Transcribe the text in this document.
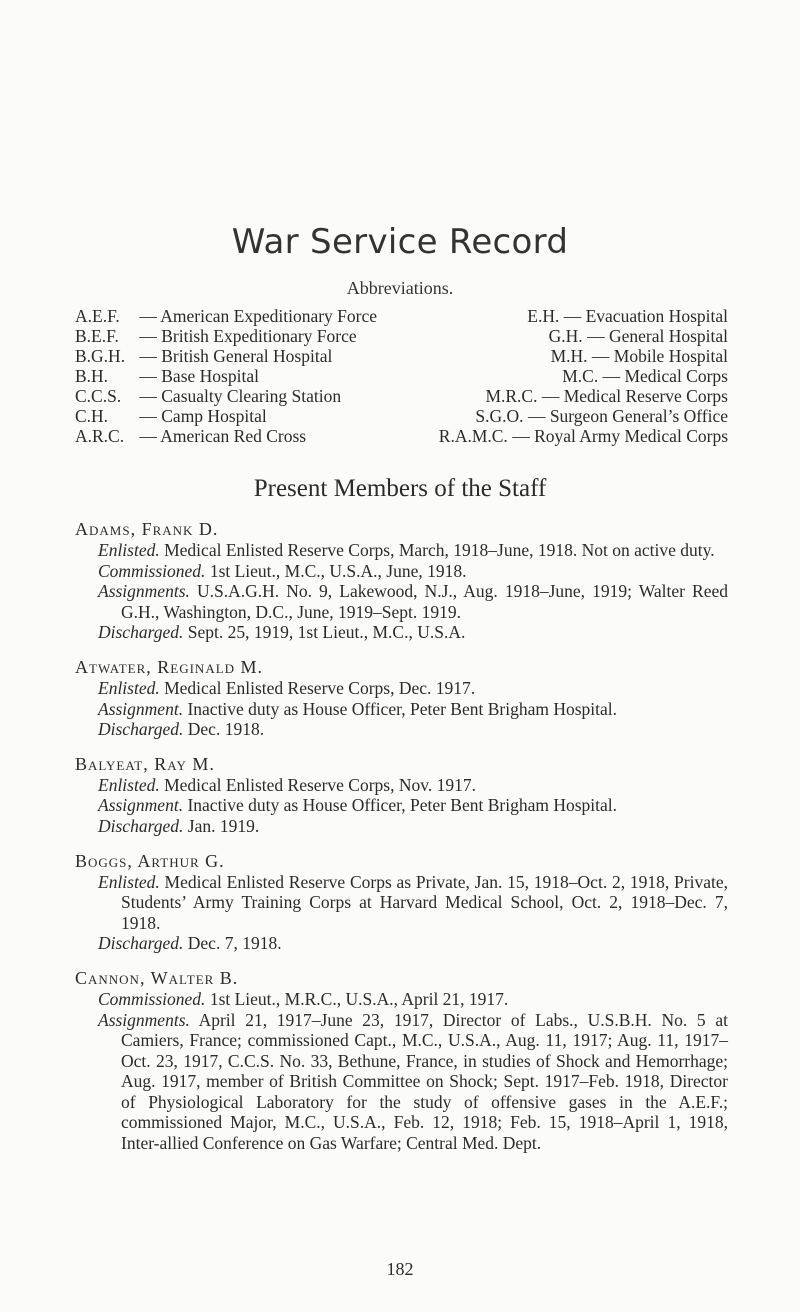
War Service Record
Abbreviations.
A.E.F. — American Expeditionary Force
B.E.F. — British Expeditionary Force
B.G.H. — British General Hospital
B.H. — Base Hospital
C.C.S. — Casualty Clearing Station
C.H. — Camp Hospital
A.R.C. — American Red Cross
E.H. — Evacuation Hospital
G.H. — General Hospital
M.H. — Mobile Hospital
M.C. — Medical Corps
M.R.C. — Medical Reserve Corps
S.G.O. — Surgeon General’s Office
R.A.M.C. — Royal Army Medical Corps
Present Members of the Staff
Adams, Frank D.
Enlisted. Medical Enlisted Reserve Corps, March, 1918–June, 1918. Not on active duty.
Commissioned. 1st Lieut., M.C., U.S.A., June, 1918.
Assignments. U.S.A.G.H. No. 9, Lakewood, N.J., Aug. 1918–June, 1919; Walter Reed G.H., Washington, D.C., June, 1919–Sept. 1919.
Discharged. Sept. 25, 1919, 1st Lieut., M.C., U.S.A.
Atwater, Reginald M.
Enlisted. Medical Enlisted Reserve Corps, Dec. 1917.
Assignment. Inactive duty as House Officer, Peter Bent Brigham Hospital.
Discharged. Dec. 1918.
Balyeat, Ray M.
Enlisted. Medical Enlisted Reserve Corps, Nov. 1917.
Assignment. Inactive duty as House Officer, Peter Bent Brigham Hospital.
Discharged. Jan. 1919.
Boggs, Arthur G.
Enlisted. Medical Enlisted Reserve Corps as Private, Jan. 15, 1918–Oct. 2, 1918, Private, Students’ Army Training Corps at Harvard Medical School, Oct. 2, 1918–Dec. 7, 1918.
Discharged. Dec. 7, 1918.
Cannon, Walter B.
Commissioned. 1st Lieut., M.R.C., U.S.A., April 21, 1917.
Assignments. April 21, 1917–June 23, 1917, Director of Labs., U.S.B.H. No. 5 at Camiers, France; commissioned Capt., M.C., U.S.A., Aug. 11, 1917; Aug. 11, 1917–Oct. 23, 1917, C.C.S. No. 33, Bethune, France, in studies of Shock and Hemorrhage; Aug. 1917, member of British Committee on Shock; Sept. 1917–Feb. 1918, Director of Physiological Laboratory for the study of offensive gases in the A.E.F.; commissioned Major, M.C., U.S.A., Feb. 12, 1918; Feb. 15, 1918–April 1, 1918, Inter-allied Conference on Gas Warfare; Central Med. Dept.
182
